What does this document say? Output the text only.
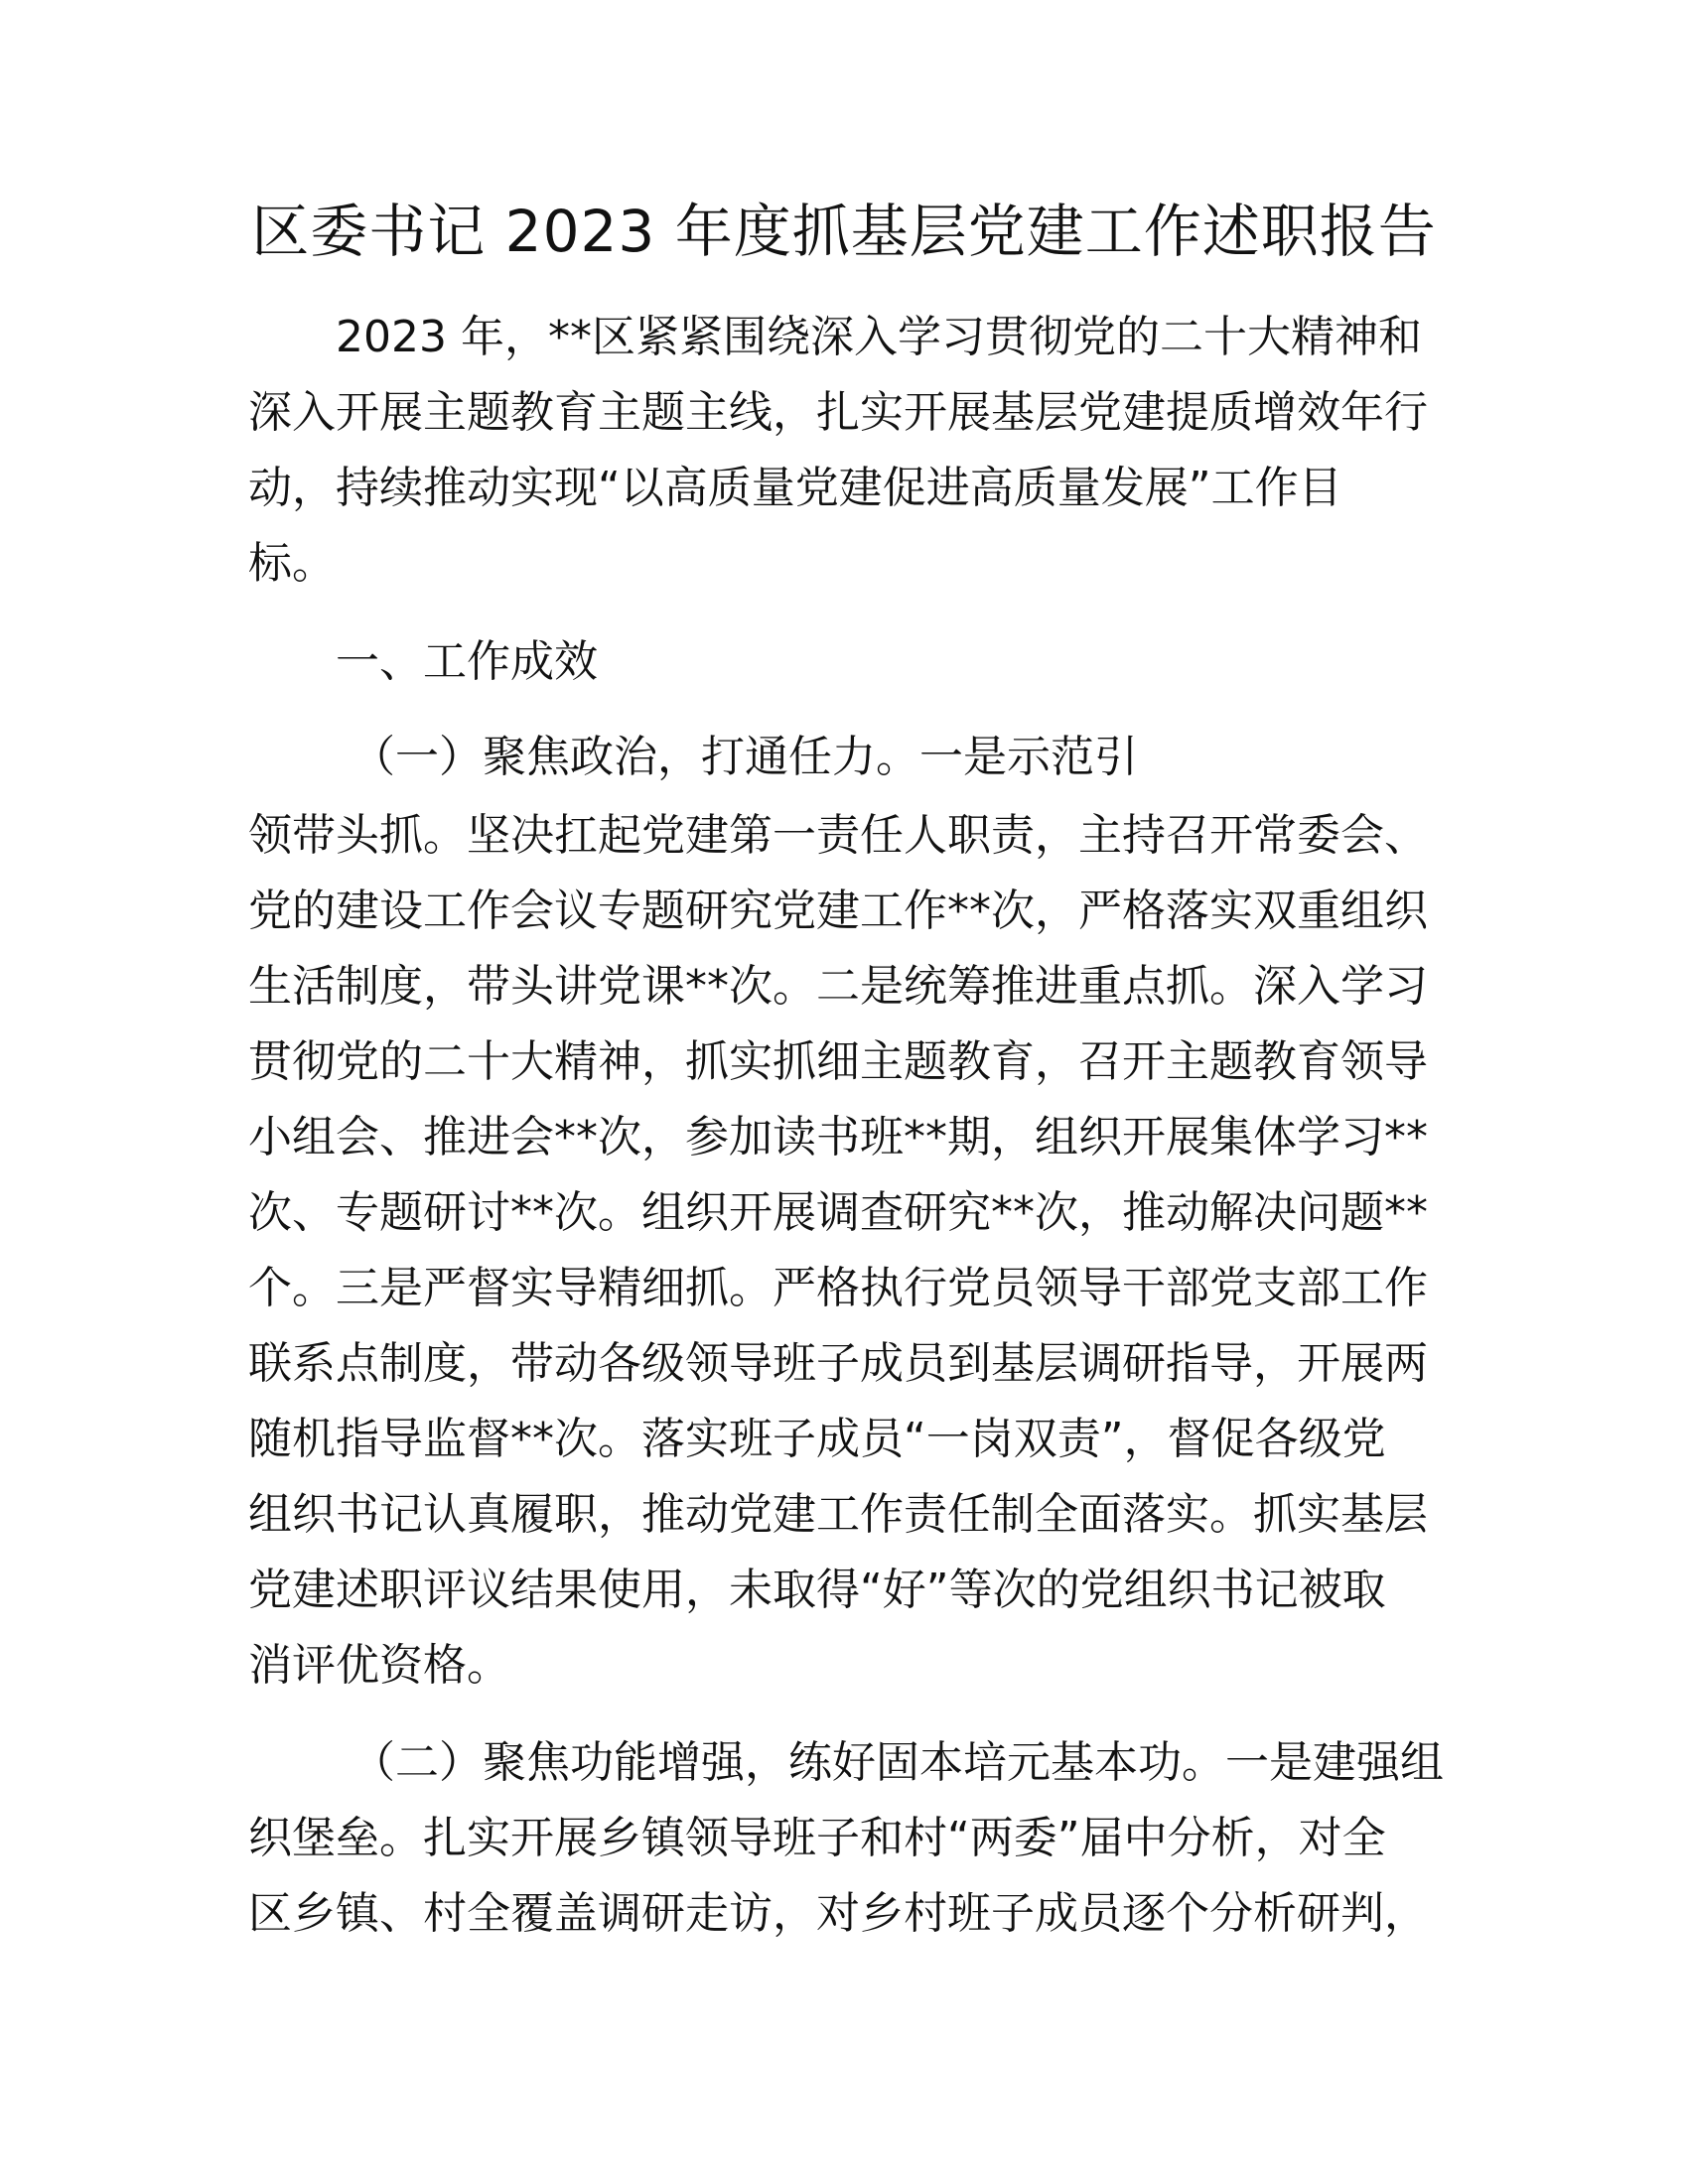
区委书记 2023 年度抓基层党建工作述职报告

2023 年，**区紧紧围绕深入学习贯彻党的二十大精神和

深入开展主题教育主题主线，扎实开展基层党建提质增效年行

动，持续推动实现“以高质量党建促进高质量发展”工作目

标。

一、工作成效

（一）聚焦政治，打通任力。一是示范引

领带头抓。坚决扛起党建第一责任人职责，主持召开常委会、

党的建设工作会议专题研究党建工作**次，严格落实双重组织

生活制度，带头讲党课**次。二是统筹推进重点抓。深入学习

贯彻党的二十大精神，抓实抓细主题教育，召开主题教育领导

小组会、推进会**次，参加读书班**期，组织开展集体学习**

次、专题研讨**次。组织开展调查研究**次，推动解决问题**

个。三是严督实导精细抓。严格执行党员领导干部党支部工作

联系点制度，带动各级领导班子成员到基层调研指导，开展两

随机指导监督**次。落实班子成员“一岗双责”，督促各级党

组织书记认真履职，推动党建工作责任制全面落实。抓实基层

党建述职评议结果使用，未取得“好”等次的党组织书记被取

消评优资格。

（二）聚焦功能增强，练好固本培元基本功。一是建强组

织堡垒。扎实开展乡镇领导班子和村“两委”届中分析，对全

区乡镇、村全覆盖调研走访，对乡村班子成员逐个分析研判，
